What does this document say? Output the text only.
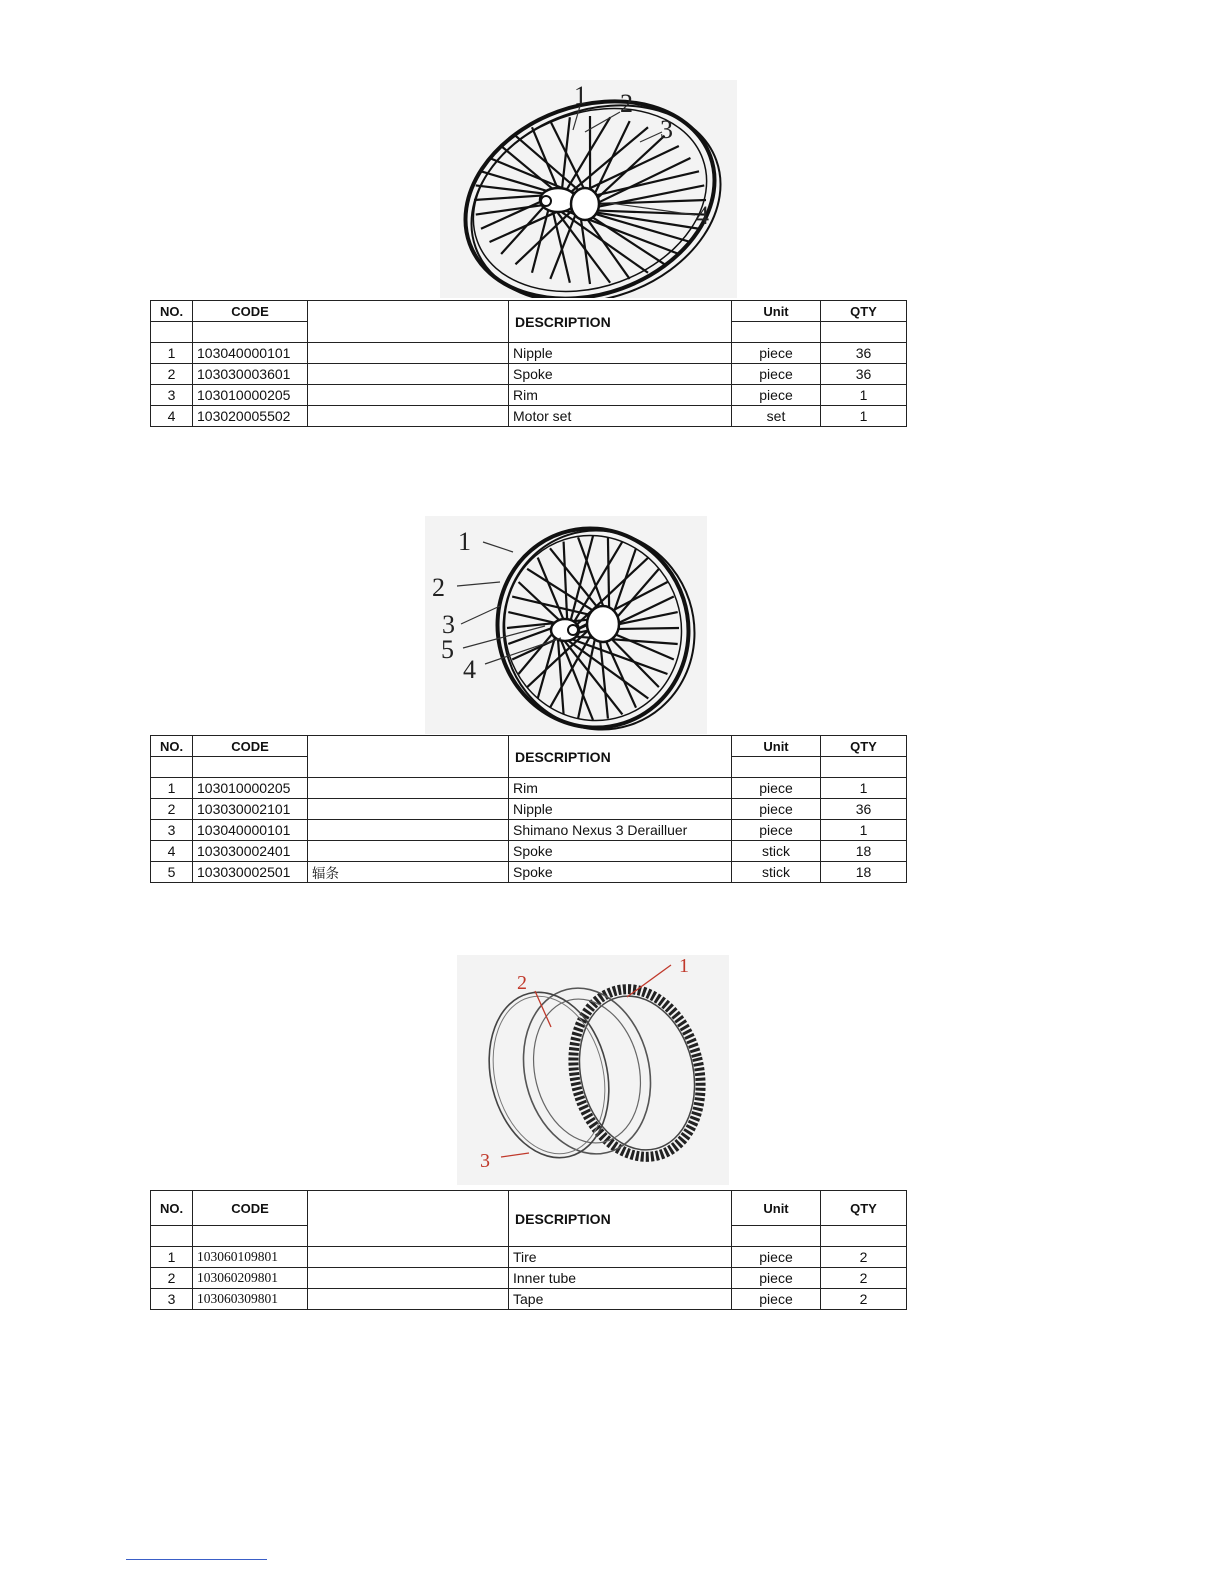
1 2
3
4
NO.	CODE		DESCRIPTION	Unit	QTY

1	103040000101		Nipple	piece	36
2	103030003601		Spoke	piece	36
3	103010000205		Rim	piece	1
4	103020005502		Motor set	set	1
1
2
3
5
4
NO.	CODE		DESCRIPTION	Unit	QTY

1	103010000205		Rim	piece	1
2	103030002101		Nipple	piece	36
3	103040000101		Shimano Nexus 3 Derailluer	piece	1
4	103030002401		Spoke	stick	18
5	103030002501	辐条	Spoke	stick	18
1
2
3
NO.	CODE		DESCRIPTION	Unit	QTY

1	103060109801		Tire	piece	2
2	103060209801		Inner tube	piece	2
3	103060309801		Tape	piece	2
